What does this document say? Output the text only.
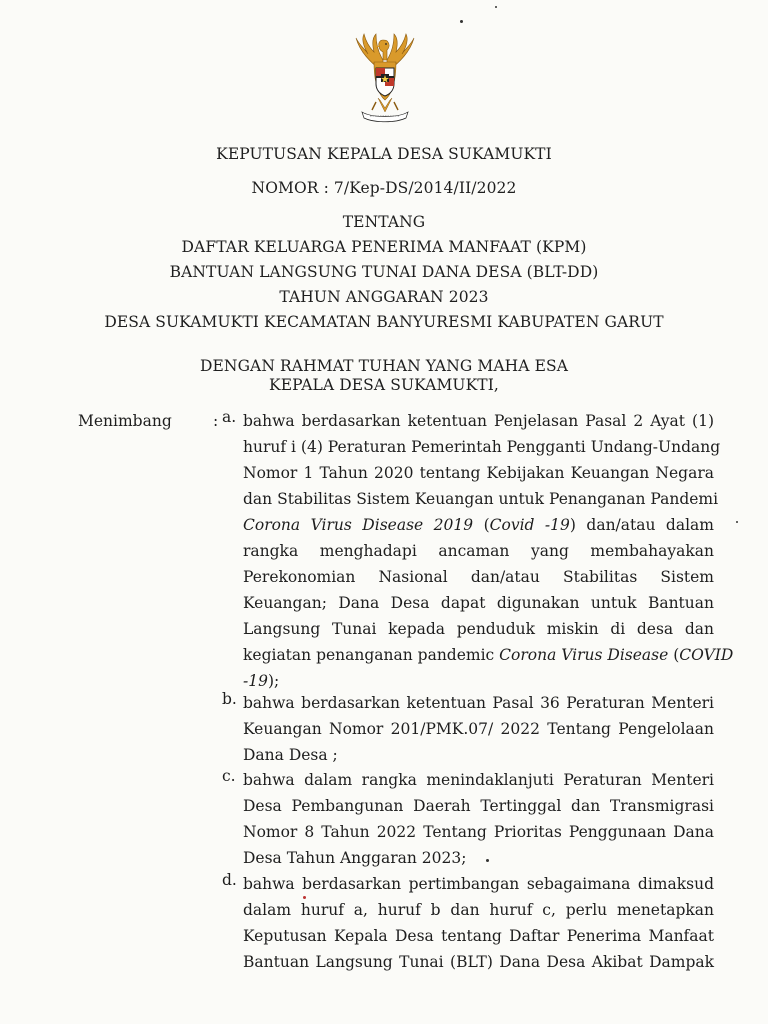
KEPUTUSAN KEPALA DESA SUKAMUKTI
NOMOR : 7/Kep-DS/2014/II/2022
TENTANG
DAFTAR KELUARGA PENERIMA MANFAAT (KPM)
BANTUAN LANGSUNG TUNAI DANA DESA (BLT-DD)
TAHUN ANGGARAN 2023
DESA SUKAMUKTI KECAMATAN BANYURESMI KABUPATEN GARUT
DENGAN RAHMAT TUHAN YANG MAHA ESA
KEPALA DESA SUKAMUKTI,
Menimbang	: a. bahwa berdasarkan ketentuan Penjelasan Pasal 2 Ayat (1)
huruf i (4) Peraturan Pemerintah Pengganti Undang-Undang
Nomor 1 Tahun 2020 tentang Kebijakan Keuangan Negara
dan Stabilitas Sistem Keuangan untuk Penanganan Pandemi
Corona Virus Disease 2019 (Covid -19) dan/atau dalam
rangka menghadapi ancaman yang membahayakan
Perekonomian Nasional dan/atau Stabilitas Sistem
Keuangan; Dana Desa dapat digunakan untuk Bantuan
Langsung Tunai kepada penduduk miskin di desa dan
kegiatan penanganan pandemic Corona Virus Disease (COVID
-19);
b. bahwa berdasarkan ketentuan Pasal 36 Peraturan Menteri
Keuangan Nomor 201/PMK.07/ 2022 Tentang Pengelolaan
Dana Desa ;
c. bahwa dalam rangka menindaklanjuti Peraturan Menteri
Desa Pembangunan Daerah Tertinggal dan Transmigrasi
Nomor 8 Tahun 2022 Tentang Prioritas Penggunaan Dana
Desa Tahun Anggaran 2023;
d. bahwa berdasarkan pertimbangan sebagaimana dimaksud
dalam huruf a, huruf b dan huruf c, perlu menetapkan
Keputusan Kepala Desa tentang Daftar Penerima Manfaat
Bantuan Langsung Tunai (BLT) Dana Desa Akibat Dampak
